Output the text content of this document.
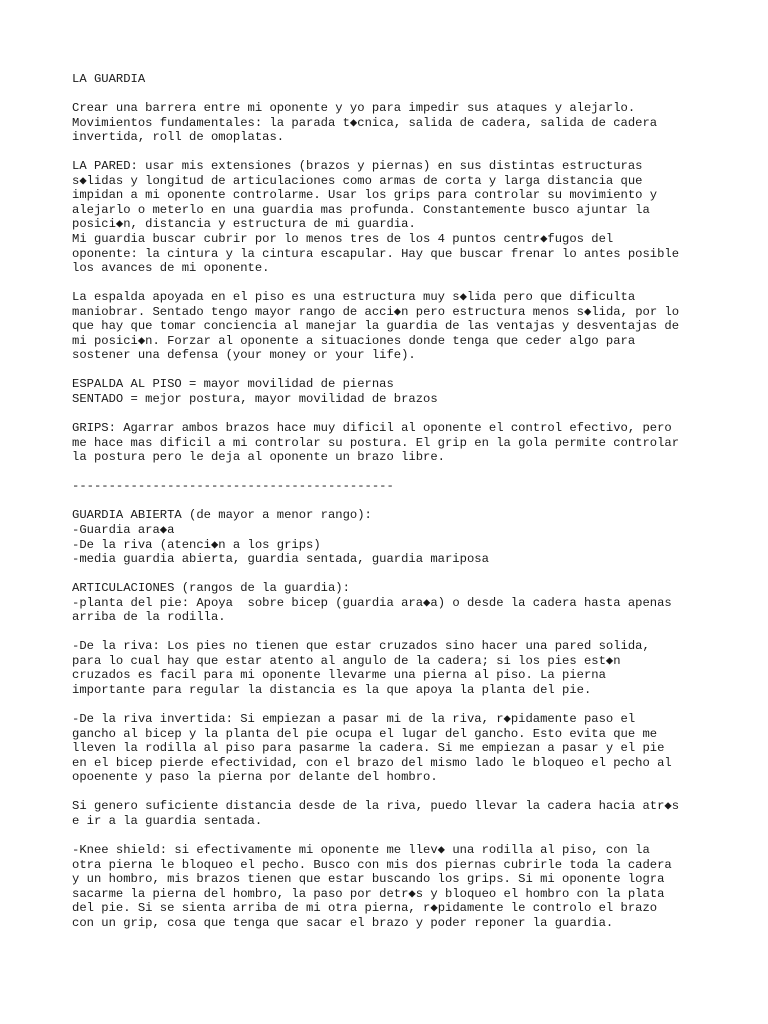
LA GUARDIA
Crear una barrera entre mi oponente y yo para impedir sus ataques y alejarlo.
Movimientos fundamentales: la parada t◆cnica, salida de cadera, salida de cadera
invertida, roll de omoplatas.
LA PARED: usar mis extensiones (brazos y piernas) en sus distintas estructuras
s◆lidas y longitud de articulaciones como armas de corta y larga distancia que
impidan a mi oponente controlarme. Usar los grips para controlar su movimiento y
alejarlo o meterlo en una guardia mas profunda. Constantemente busco ajuntar la
posici◆n, distancia y estructura de mi guardia.
Mi guardia buscar cubrir por lo menos tres de los 4 puntos centr◆fugos del
oponente: la cintura y la cintura escapular. Hay que buscar frenar lo antes posible
los avances de mi oponente.
La espalda apoyada en el piso es una estructura muy s◆lida pero que dificulta
maniobrar. Sentado tengo mayor rango de acci◆n pero estructura menos s◆lida, por lo
que hay que tomar conciencia al manejar la guardia de las ventajas y desventajas de
mi posici◆n. Forzar al oponente a situaciones donde tenga que ceder algo para
sostener una defensa (your money or your life).
ESPALDA AL PISO = mayor movilidad de piernas
SENTADO = mejor postura, mayor movilidad de brazos
GRIPS: Agarrar ambos brazos hace muy dificil al oponente el control efectivo, pero
me hace mas dificil a mi controlar su postura. El grip en la gola permite controlar
la postura pero le deja al oponente un brazo libre.
--------------------------------------------
GUARDIA ABIERTA (de mayor a menor rango):
-Guardia ara◆a
-De la riva (atenci◆n a los grips)
-media guardia abierta, guardia sentada, guardia mariposa
ARTICULACIONES (rangos de la guardia):
-planta del pie: Apoya  sobre bicep (guardia ara◆a) o desde la cadera hasta apenas
arriba de la rodilla.
-De la riva: Los pies no tienen que estar cruzados sino hacer una pared solida,
para lo cual hay que estar atento al angulo de la cadera; si los pies est◆n
cruzados es facil para mi oponente llevarme una pierna al piso. La pierna
importante para regular la distancia es la que apoya la planta del pie.
-De la riva invertida: Si empiezan a pasar mi de la riva, r◆pidamente paso el
gancho al bicep y la planta del pie ocupa el lugar del gancho. Esto evita que me
lleven la rodilla al piso para pasarme la cadera. Si me empiezan a pasar y el pie
en el bicep pierde efectividad, con el brazo del mismo lado le bloqueo el pecho al
opoenente y paso la pierna por delante del hombro.
Si genero suficiente distancia desde de la riva, puedo llevar la cadera hacia atr◆s
e ir a la guardia sentada.
-Knee shield: si efectivamente mi oponente me llev◆ una rodilla al piso, con la
otra pierna le bloqueo el pecho. Busco con mis dos piernas cubrirle toda la cadera
y un hombro, mis brazos tienen que estar buscando los grips. Si mi oponente logra
sacarme la pierna del hombro, la paso por detr◆s y bloqueo el hombro con la plata
del pie. Si se sienta arriba de mi otra pierna, r◆pidamente le controlo el brazo
con un grip, cosa que tenga que sacar el brazo y poder reponer la guardia.
